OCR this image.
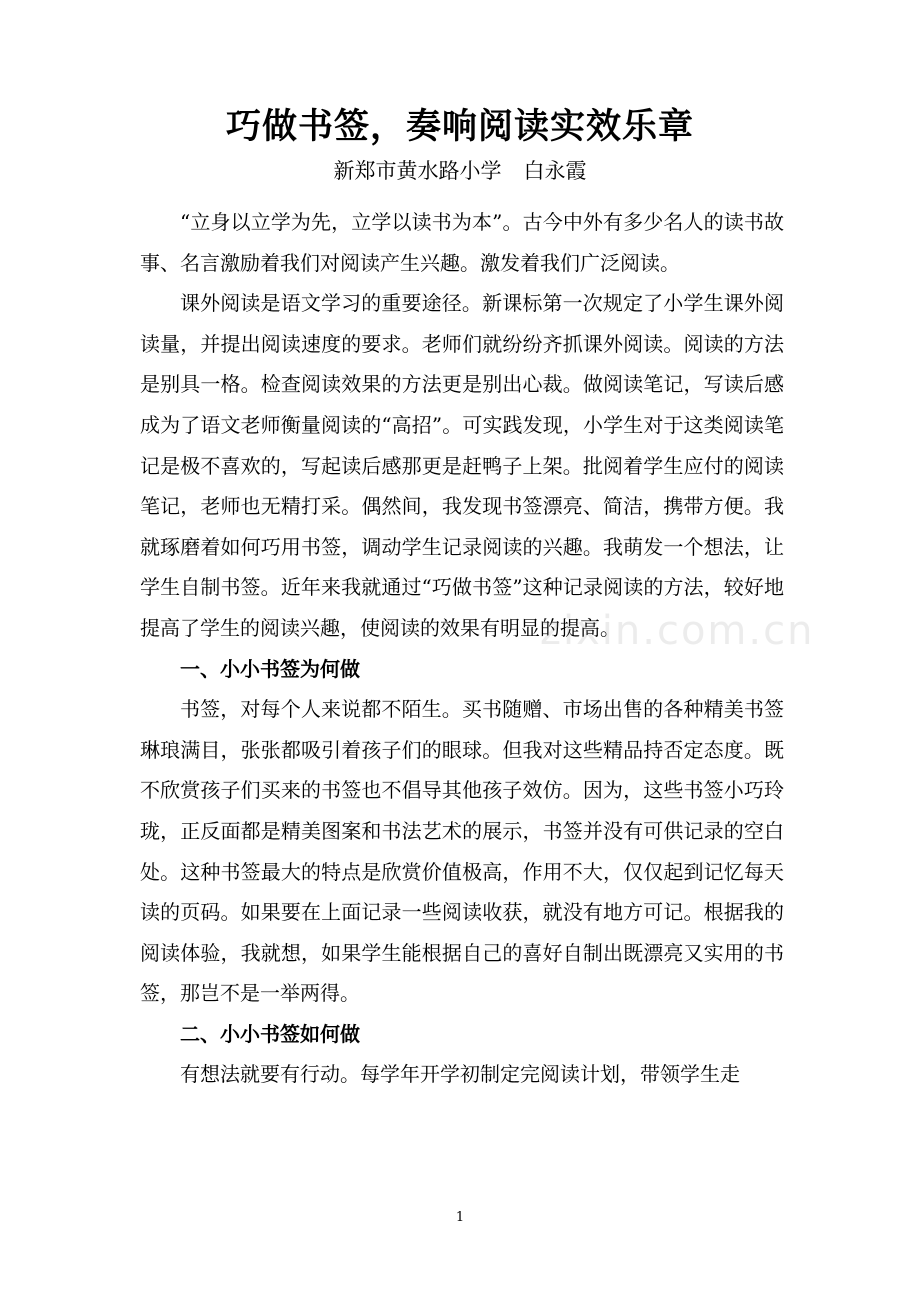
巧做书签，奏响阅读实效乐章
新郑市黄水路小学 白永霞

“立身以立学为先，立学以读书为本”。古今中外有多少名人的读书故事、名言激励着我们对阅读产生兴趣。激发着我们广泛阅读。

课外阅读是语文学习的重要途径。新课标第一次规定了小学生课外阅读量，并提出阅读速度的要求。老师们就纷纷齐抓课外阅读。阅读的方法是别具一格。检查阅读效果的方法更是别出心裁。做阅读笔记，写读后感成为了语文老师衡量阅读的“高招”。可实践发现，小学生对于这类阅读笔记是极不喜欢的，写起读后感那更是赶鸭子上架。批阅着学生应付的阅读笔记，老师也无精打采。偶然间，我发现书签漂亮、简洁，携带方便。我就琢磨着如何巧用书签，调动学生记录阅读的兴趣。我萌发一个想法，让学生自制书签。近年来我就通过“巧做书签”这种记录阅读的方法，较好地提高了学生的阅读兴趣，使阅读的效果有明显的提高。

一、小小书签为何做

书签，对每个人来说都不陌生。买书随赠、市场出售的各种精美书签琳琅满目，张张都吸引着孩子们的眼球。但我对这些精品持否定态度。既不欣赏孩子们买来的书签也不倡导其他孩子效仿。因为，这些书签小巧玲珑，正反面都是精美图案和书法艺术的展示，书签并没有可供记录的空白处。这种书签最大的特点是欣赏价值极高，作用不大，仅仅起到记忆每天读的页码。如果要在上面记录一些阅读收获，就没有地方可记。根据我的阅读体验，我就想，如果学生能根据自己的喜好自制出既漂亮又实用的书签，那岂不是一举两得。

二、小小书签如何做

有想法就要有行动。每学年开学初制定完阅读计划，带领学生走

zixin.com.cn
1
